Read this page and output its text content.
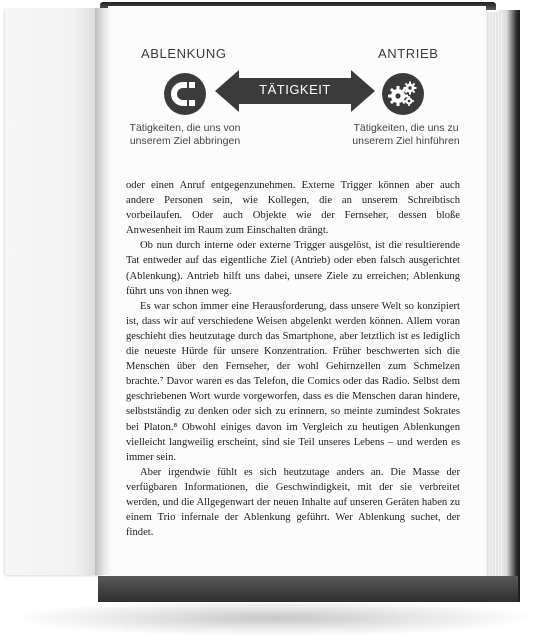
ABLENKUNG	ANTRIEB
TÄTIGKEIT
Tätigkeiten, die uns von unserem Ziel abbringen
Tätigkeiten, die uns zu unserem Ziel hinführen

oder einen Anruf entgegenzunehmen. Externe Trigger können aber auch andere Personen sein, wie Kollegen, die an unserem Schreibtisch vorbeilaufen. Oder auch Objekte wie der Fernseher, dessen bloße Anwesenheit im Raum zum Einschalten drängt.

Ob nun durch interne oder externe Trigger ausgelöst, ist die resultierende Tat entweder auf das eigentliche Ziel (Antrieb) oder eben falsch ausgerichtet (Ablenkung). Antrieb hilft uns dabei, unsere Ziele zu erreichen; Ablenkung führt uns von ihnen weg.

Es war schon immer eine Herausforderung, dass unsere Welt so konzipiert ist, dass wir auf verschiedene Weisen abgelenkt werden können. Allem voran geschieht dies heutzutage durch das Smartphone, aber letztlich ist es lediglich die neueste Hürde für unsere Konzentration. Früher beschwerten sich die Menschen über den Fernseher, der wohl Gehirnzellen zum Schmelzen brachte.⁷ Davor waren es das Telefon, die Comics oder das Radio. Selbst dem geschriebenen Wort wurde vorgeworfen, dass es die Menschen daran hindere, selbstständig zu denken oder sich zu erinnern, so meinte zumindest Sokrates bei Platon.⁸ Obwohl einiges davon im Vergleich zu heutigen Ablenkungen vielleicht langweilig erscheint, sind sie Teil unseres Lebens – und werden es immer sein.

Aber irgendwie fühlt es sich heutzutage anders an. Die Masse der verfügbaren Informationen, die Geschwindigkeit, mit der sie verbreitet werden, und die Allgegenwart der neuen Inhalte auf unseren Geräten haben zu einem Trio infernale der Ablenkung geführt. Wer Ablenkung suchet, der findet.
